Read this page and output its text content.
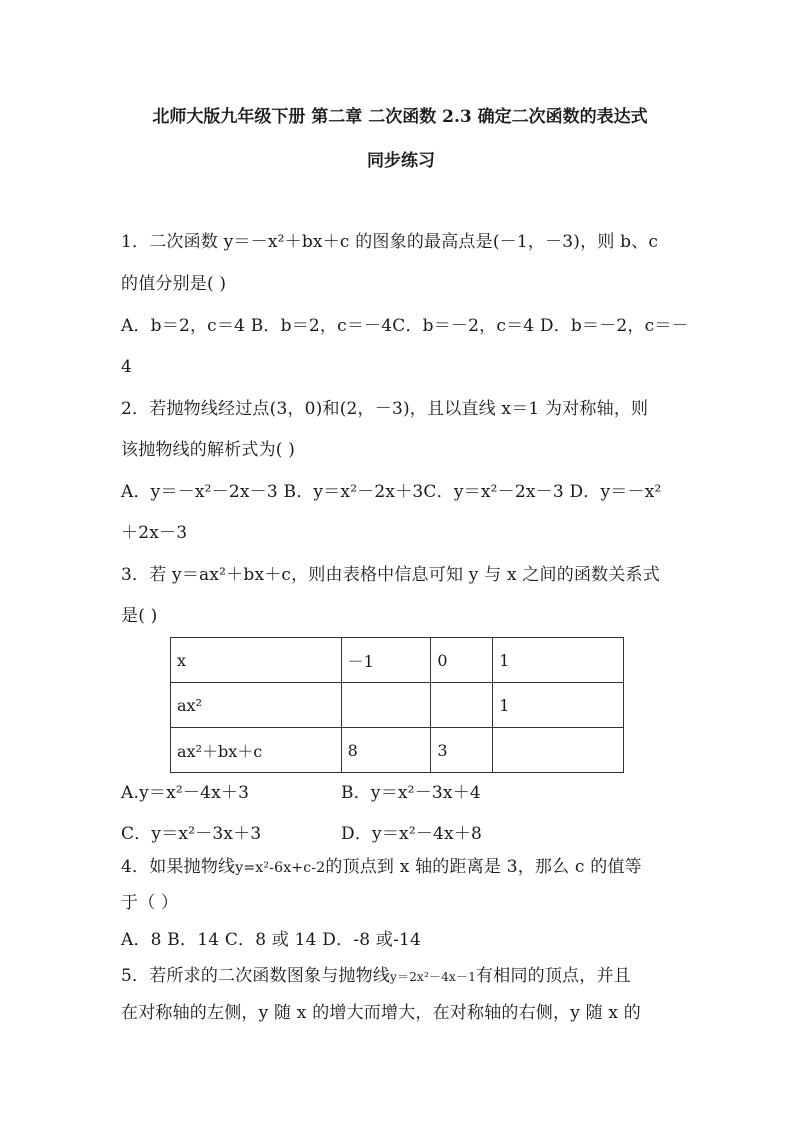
北师大版九年级下册 第二章 二次函数 2.3 确定二次函数的表达式
同步练习
1．二次函数 y＝－x²＋bx＋c 的图象的最高点是(－1，－3)，则 b、c
的值分别是( )
A．b＝2，c＝4 B．b＝2，c＝－4C．b＝－2，c＝4 D．b＝－2，c＝－
4
2．若抛物线经过点(3，0)和(2，－3)，且以直线 x＝1 为对称轴，则
该抛物线的解析式为( )
A．y＝－x²－2x－3 B．y＝x²－2x＋3C．y＝x²－2x－3 D．y＝－x²
＋2x－3
3．若 y＝ax²＋bx＋c，则由表格中信息可知 y 与 x 之间的函数关系式
是( )
x	－1	0	1
ax²			1
ax²＋bx＋c	8	3	
A.y＝x²－4x＋3	B．y＝x²－3x＋4
C．y＝x²－3x＋3	D．y＝x²－4x＋8
4．如果抛物线y=x²-6x+c-2的顶点到 x 轴的距离是 3，那么 c 的值等
于（ ）
A．8 B．14 C．8 或 14 D．-8 或-14
5．若所求的二次函数图象与抛物线y＝2x²－4x－1有相同的顶点，并且
在对称轴的左侧，y 随 x 的增大而增大，在对称轴的右侧，y 随 x 的
